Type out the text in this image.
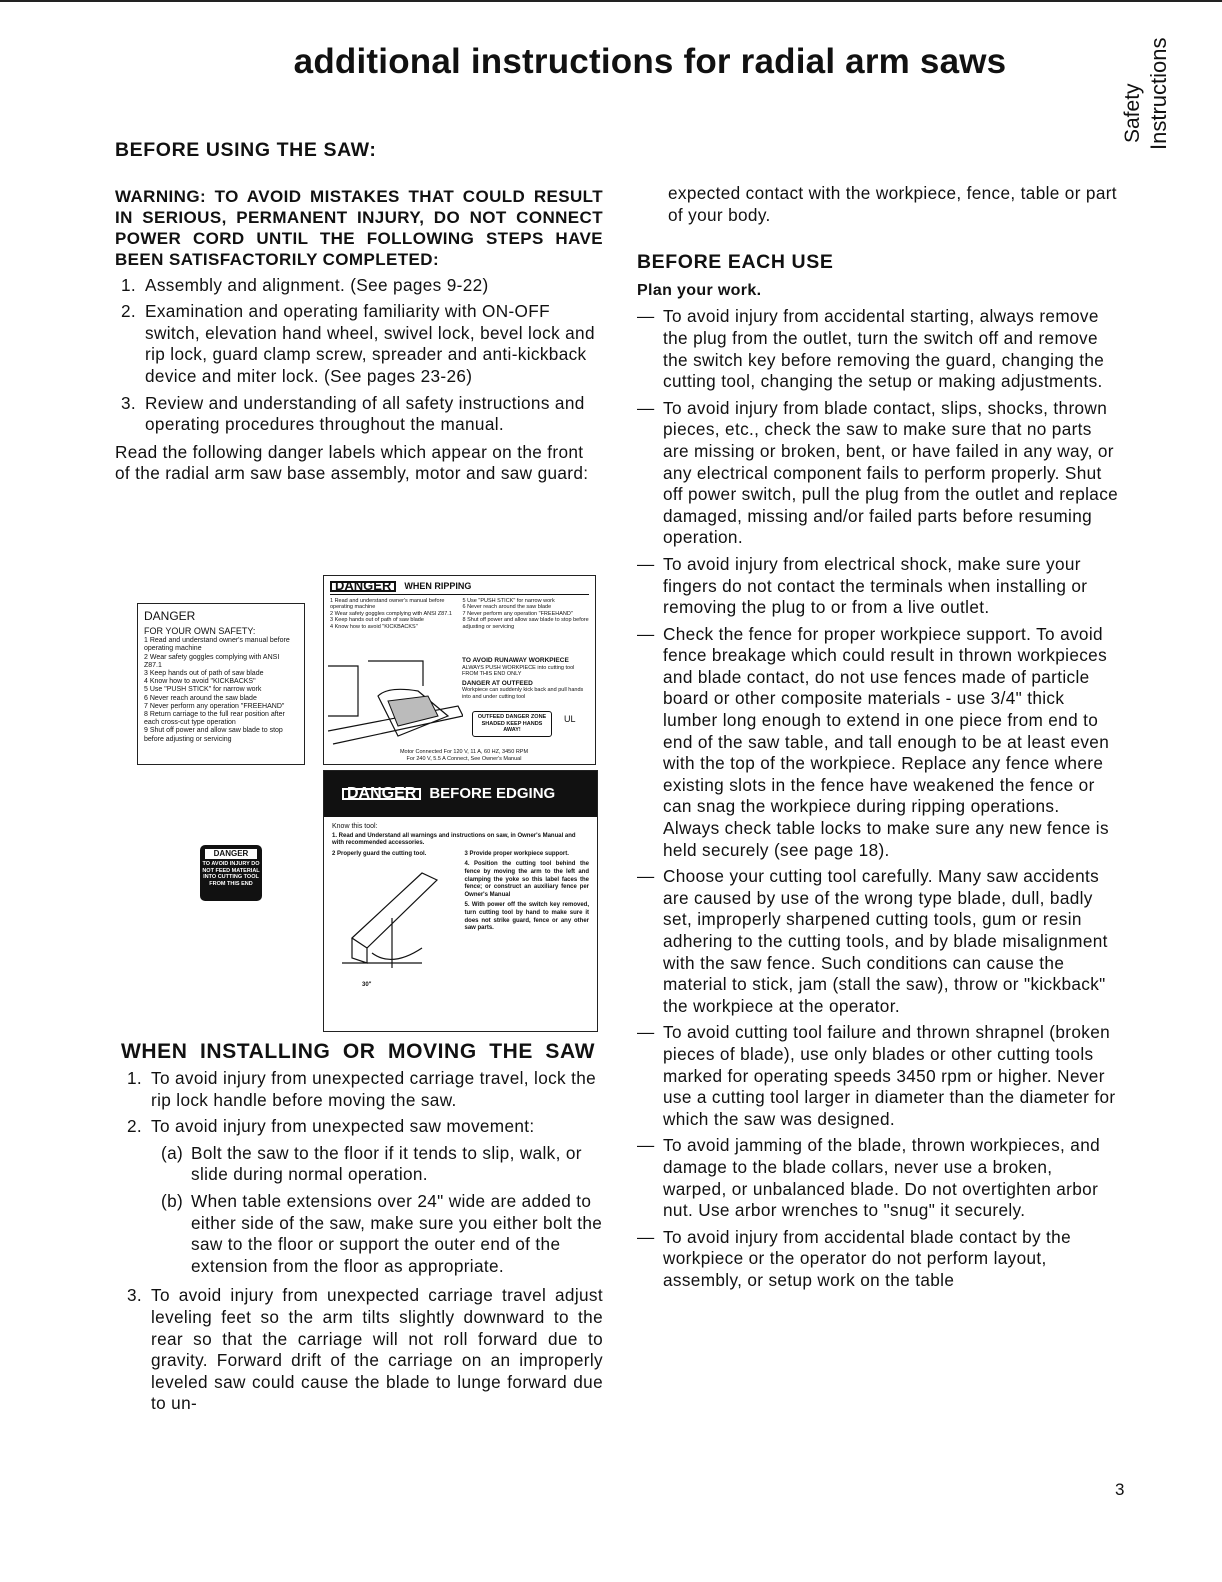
additional instructions for radial arm saws
Safety Instructions
BEFORE USING THE SAW:

WARNING: TO AVOID MISTAKES THAT COULD RESULT IN SERIOUS, PERMANENT INJURY, DO NOT CONNECT POWER CORD UNTIL THE FOLLOWING STEPS HAVE BEEN SATISFACTORILY COMPLETED:

1. Assembly and alignment. (See pages 9-22)
2. Examination and operating familiarity with ON-OFF switch, elevation hand wheel, swivel lock, bevel lock and rip lock, guard clamp screw, spreader and anti-kickback device and miter lock. (See pages 23-26)
3. Review and understanding of all safety instructions and operating procedures throughout the manual.

Read the following danger labels which appear on the front of the radial arm saw base assembly, motor and saw guard:

DANGER
FOR YOUR OWN SAFETY:
1 Read and understand owner's manual before operating machine
2 Wear safety goggles complying with ANSI Z87.1
3 Keep hands out of path of saw blade
4 Know how to avoid "KICKBACKS"
5 Use "PUSH STICK" for narrow work
6 Never reach around the saw blade
7 Never perform any operation "FREEHAND"
8 Return carriage to the full rear position after each cross-cut type operation
9 Shut off power and allow saw blade to stop before adjusting or servicing
DANGER	WHEN RIPPING
1 Read and understand owner's manual before operating machine
2 Wear safety goggles complying with ANSI Z87.1
3 Keep hands out of path of saw blade
4 Know how to avoid "KICKBACKS"
5 Use "PUSH STICK" for narrow work
6 Never reach around the saw blade
7 Never perform any operation "FREEHAND"
8 Shut off power and allow saw blade to stop before adjusting or servicing
TO AVOID RUNAWAY WORKPIECE
ALWAYS PUSH WORKPIECE into cutting tool FROM THIS END ONLY
DANGER AT OUTFEED
Workpiece can suddenly kick back and pull hands into and under cutting tool
OUTFEED DANGER ZONE SHADED KEEP HANDS AWAY!
UL
Motor Connected For 120 V, 11 A, 60 HZ, 3450 RPM
For 240 V, 5.5 A Connect, See Owner's Manual
DANGER BEFORE EDGING
Know this tool:
1. Read and Understand all warnings and instructions on saw, in Owner's Manual and with recommended accessories.
2 Properly guard the cutting tool.
30"
3 Provide proper workpiece support.
4. Position the cutting tool behind the fence by moving the arm to the left and clamping the yoke so this label faces the fence; or construct an auxiliary fence per Owner's Manual
5. With power off the switch key removed, turn cutting tool by hand to make sure it does not strike guard, fence or any other saw parts.
DANGER
TO AVOID INJURY DO NOT FEED MATERIAL INTO CUTTING TOOL FROM THIS END
WHEN INSTALLING OR MOVING THE SAW
1. To avoid injury from unexpected carriage travel, lock the rip lock handle before moving the saw.
2. To avoid injury from unexpected saw movement:
(a) Bolt the saw to the floor if it tends to slip, walk, or slide during normal operation.
(b) When table extensions over 24" wide are added to either side of the saw, make sure you either bolt the saw to the floor or support the outer end of the extension from the floor as appropriate.
3. To avoid injury from unexpected carriage travel adjust leveling feet so the arm tilts slightly downward to the rear so that the carriage will not roll forward due to gravity. Forward drift of the carriage on an improperly leveled saw could cause the blade to lunge forward due to un-

expected contact with the workpiece, fence, table or part of your body.

BEFORE EACH USE

Plan your work.

— To avoid injury from accidental starting, always remove the plug from the outlet, turn the switch off and remove the switch key before removing the guard, changing the cutting tool, changing the setup or making adjustments.
— To avoid injury from blade contact, slips, shocks, thrown pieces, etc., check the saw to make sure that no parts are missing or broken, bent, or have failed in any way, or any electrical component fails to perform properly. Shut off power switch, pull the plug from the outlet and replace damaged, missing and/or failed parts before resuming operation.
— To avoid injury from electrical shock, make sure your fingers do not contact the terminals when installing or removing the plug to or from a live outlet.
— Check the fence for proper workpiece support. To avoid fence breakage which could result in thrown workpieces and blade contact, do not use fences made of particle board or other composite materials - use 3/4" thick lumber long enough to extend in one piece from end to end of the saw table, and tall enough to be at least even with the top of the workpiece. Replace any fence where existing slots in the fence have weakened the fence or can snag the workpiece during ripping operations. Always check table locks to make sure any new fence is held securely (see page 18).
— Choose your cutting tool carefully. Many saw accidents are caused by use of the wrong type blade, dull, badly set, improperly sharpened cutting tools, gum or resin adhering to the cutting tools, and by blade misalignment with the saw fence. Such conditions can cause the material to stick, jam (stall the saw), throw or "kickback" the workpiece at the operator.
— To avoid cutting tool failure and thrown shrapnel (broken pieces of blade), use only blades or other cutting tools marked for operating speeds 3450 rpm or higher. Never use a cutting tool larger in diameter than the diameter for which the saw was designed.
— To avoid jamming of the blade, thrown workpieces, and damage to the blade collars, never use a broken, warped, or unbalanced blade. Do not overtighten arbor nut. Use arbor wrenches to "snug" it securely.
— To avoid injury from accidental blade contact by the workpiece or the operator do not perform layout, assembly, or setup work on the table
3
